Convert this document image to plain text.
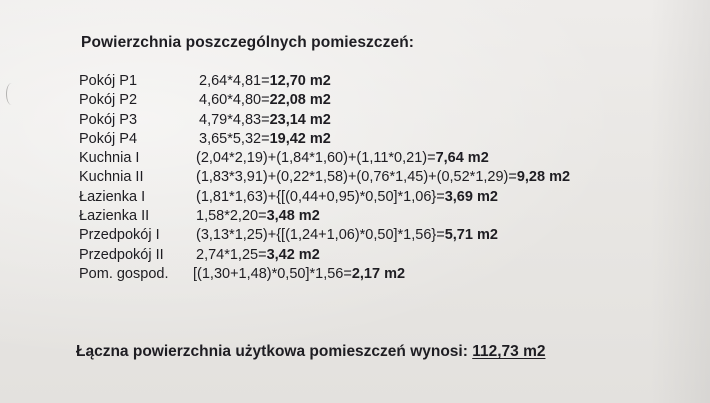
Powierzchnia poszczególnych pomieszczeń:
Pokój P1	2,64*4,81=12,70 m2
Pokój P2	4,60*4,80=22,08 m2
Pokój P3	4,79*4,83=23,14 m2
Pokój P4	3,65*5,32=19,42 m2
Kuchnia I	(2,04*2,19)+(1,84*1,60)+(1,11*0,21)=7,64 m2
Kuchnia II	(1,83*3,91)+(0,22*1,58)+(0,76*1,45)+(0,52*1,29)=9,28 m2
Łazienka I	(1,81*1,63)+{[(0,44+0,95)*0,50]*1,06}=3,69 m2
Łazienka II	1,58*2,20=3,48 m2
Przedpokój I	(3,13*1,25)+{[(1,24+1,06)*0,50]*1,56}=5,71 m2
Przedpokój II 2,74*1,25=3,42 m2
Pom. gospod. [(1,30+1,48)*0,50]*1,56=2,17 m2
Łączna powierzchnia użytkowa pomieszczeń wynosi: 112,73 m2
